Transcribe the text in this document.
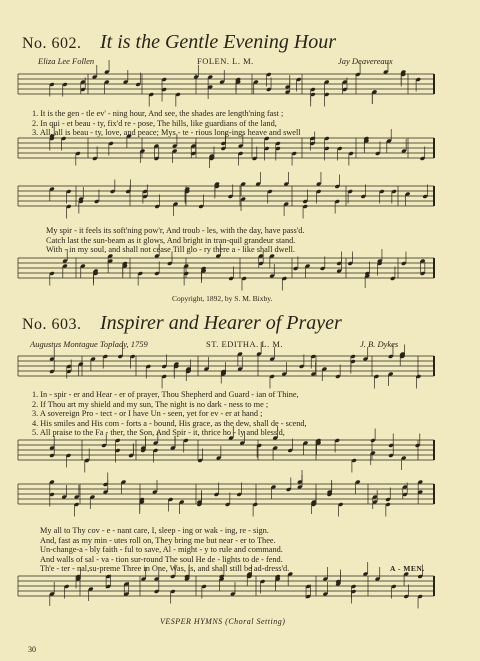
No. 602. It is the Gentle Evening Hour
Eliza Lee Follen	FOLEN. L. M.	Jay Deavereaux
1. It is the gen - tle ev' - ning hour, And see, the shades are length'ning fast ;
2. In qui - et beau - ty, fix'd re - pose, The hills, like guardians of the land,
3. All, all is beau - ty, love, and peace; Mys - te - rious long-ings heave and swell
My spir - it feels its soft'ning pow'r, And troub - les, with the day, have pass'd.
Catch last the sun-beam as it glows, And bright in tran-quil grandeur stand.
With - in my soul, and shall not cease Till glo - ry there a - like shall dwell.
Copyright, 1892, by S. M. Bixby.
No. 603. Inspirer and Hearer of Prayer
Augustus Montague Toplady, 1759	ST. EDITHA. L. M.	J. B. Dykes
1. In - spir - er and Hear - er of prayer, Thou Shepherd and Guard - ian of Thine,
2. If Thou art my shield and my sun, The night is no dark - ness to me ;
3. A sovereign Pro - tect - or I have Un - seen, yet for ev - er at hand ;
4. His smiles and His com - forts a - bound, His grace, as the dew, shall de - scend,
5. All praise to the Fa - ther, the Son, And Spir - it, thrice ho - ly and bless'd,
My all to Thy cov - e - nant care, I, sleep - ing or wak - ing, re - sign.
And, fast as my min - utes roll on, They bring me but near - er to Thee.
Un-change-a - bly faith - ful to save, Al - might - y to rule and command.
And walls of sal - va - tion sur-round The soul He de - lights to de - fend.
Th'e - ter - nal,su-preme Three in One, Was, is, and shall still be ad-dress'd.	A - MEN.
VESPER HYMNS (Choral Setting)
30
